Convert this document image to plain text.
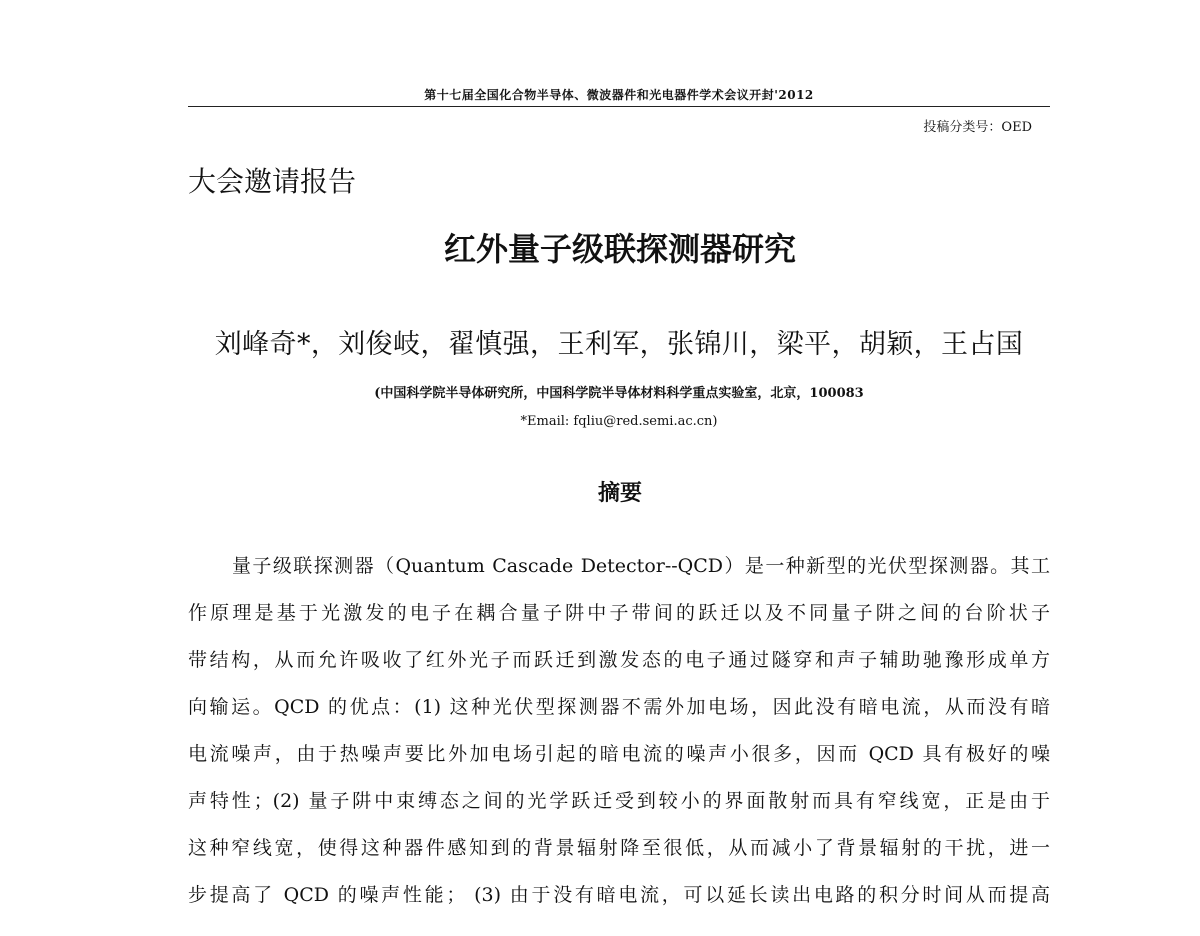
第十七届全国化合物半导体、微波器件和光电器件学术会议开封'2012
投稿分类号：OED
大会邀请报告
红外量子级联探测器研究
刘峰奇*，刘俊岐，翟慎强，王利军，张锦川，梁平，胡颖，王占国
(中国科学院半导体研究所，中国科学院半导体材料科学重点实验室，北京，100083
*Email: fqliu@red.semi.ac.cn)
摘要
量子级联探测器（Quantum Cascade Detector--QCD）是一种新型的光伏型探测器。其工
作原理是基于光激发的电子在耦合量子阱中子带间的跃迁以及不同量子阱之间的台阶状子
带结构，从而允许吸收了红外光子而跃迁到激发态的电子通过隧穿和声子辅助驰豫形成单方
向输运。QCD 的优点：(1) 这种光伏型探测器不需外加电场，因此没有暗电流，从而没有暗
电流噪声，由于热噪声要比外加电场引起的暗电流的噪声小很多，因而 QCD 具有极好的噪
声特性；(2) 量子阱中束缚态之间的光学跃迁受到较小的界面散射而具有窄线宽，正是由于
这种窄线宽，使得这种器件感知到的背景辐射降至很低，从而减小了背景辐射的干扰，进一
步提高了 QCD 的噪声性能； (3) 由于没有暗电流，可以延长读出电路的积分时间从而提高
